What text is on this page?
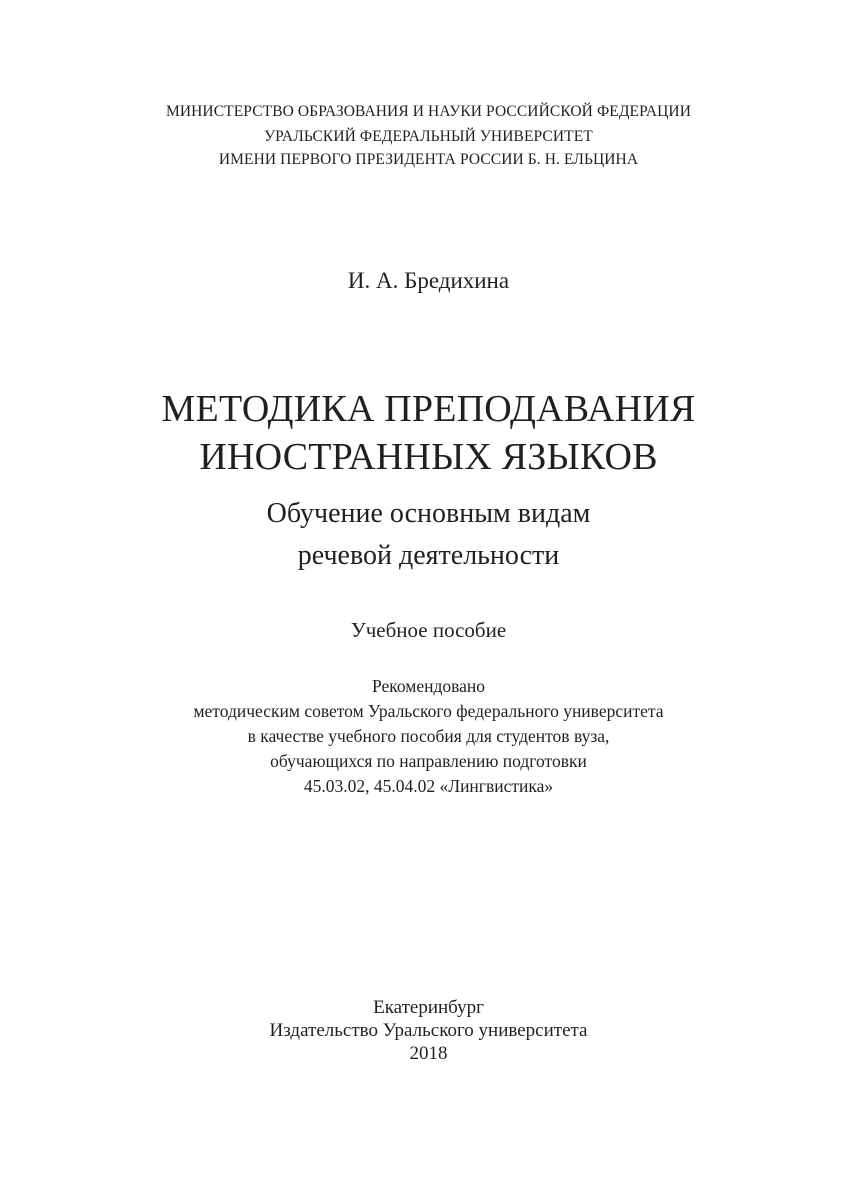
МИНИСТЕРСТВО ОБРАЗОВАНИЯ И НАУКИ РОССИЙСКОЙ ФЕДЕРАЦИИ
УРАЛЬСКИЙ ФЕДЕРАЛЬНЫЙ УНИВЕРСИТЕТ
ИМЕНИ ПЕРВОГО ПРЕЗИДЕНТА РОССИИ Б. Н. ЕЛЬЦИНА
И. А. Бредихина
МЕТОДИКА ПРЕПОДАВАНИЯ
ИНОСТРАННЫХ ЯЗЫКОВ
Обучение основным видам
речевой деятельности
Учебное пособие
Рекомендовано
методическим советом Уральского федерального университета
в качестве учебного пособия для студентов вуза,
обучающихся по направлению подготовки
45.03.02, 45.04.02 «Лингвистика»
Екатеринбург
Издательство Уральского университета
2018
